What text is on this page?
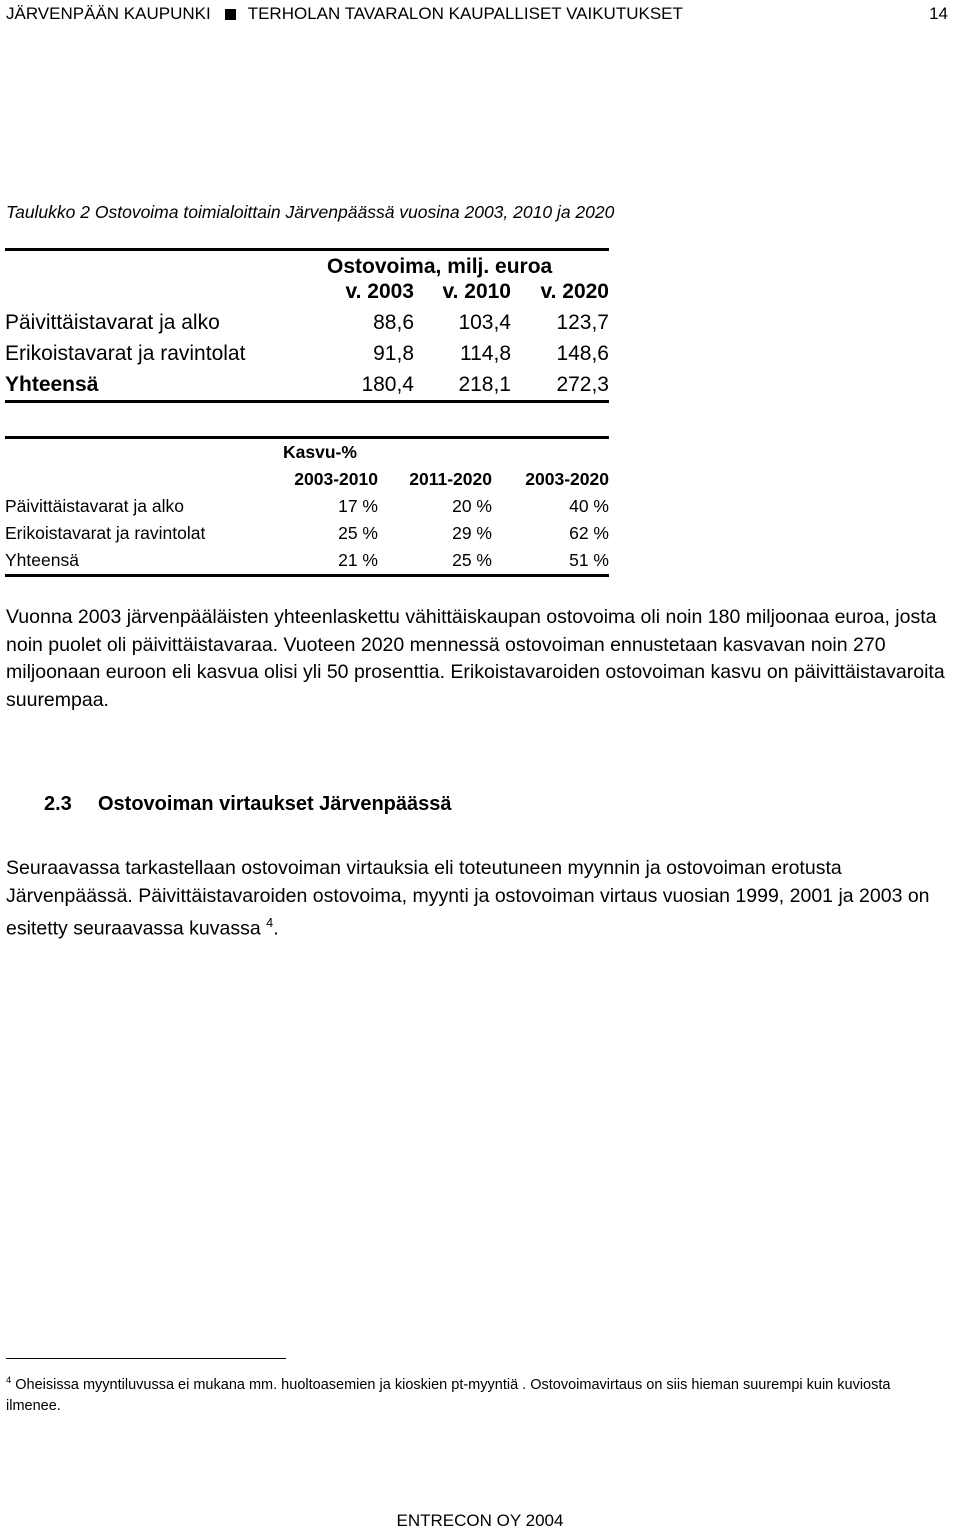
JÄRVENPÄÄN KAUPUNKI TERHOLAN TAVARALON KAUPALLISET VAIKUTUKSET	14
Taulukko 2 Ostovoima toimialoittain Järvenpäässä vuosina 2003, 2010 ja 2020
Ostovoima, milj. euroa
v. 2003	v. 2010	v. 2020
Päivittäistavarat ja alko	88,6	103,4	123,7
Erikoistavarat ja ravintolat	91,8	114,8	148,6
Yhteensä	180,4	218,1	272,3
Kasvu-%
2003-2010	2011-2020	2003-2020
Päivittäistavarat ja alko	17 %	20 %	40 %
Erikoistavarat ja ravintolat	25 %	29 %	62 %
Yhteensä	21 %	25 %	51 %

Vuonna 2003 järvenpääläisten yhteenlaskettu vähittäiskaupan ostovoima oli noin 180 miljoonaa euroa, josta noin puolet oli päivittäistavaraa. Vuoteen 2020 mennessä ostovoiman ennustetaan kasvavan noin 270 miljoonaan euroon eli kasvua olisi yli 50 prosenttia. Erikoistavaroiden ostovoiman kasvu on päivittäistavaroita suurempaa.

2.3 Ostovoiman virtaukset Järvenpäässä

Seuraavassa tarkastellaan ostovoiman virtauksia eli toteutuneen myynnin ja ostovoiman erotusta Järvenpäässä. Päivittäistavaroiden ostovoima, myynti ja ostovoiman virtaus vuosian 1999, 2001 ja 2003 on esitetty seuraavassa kuvassa $^4$.

$^4$ Oheisissa myyntiluvussa ei mukana mm. huoltoasemien ja kioskien pt-myyntiä . Ostovoimavirtaus on siis hieman suurempi kuin kuviosta ilmenee.

ENTRECON OY 2004
